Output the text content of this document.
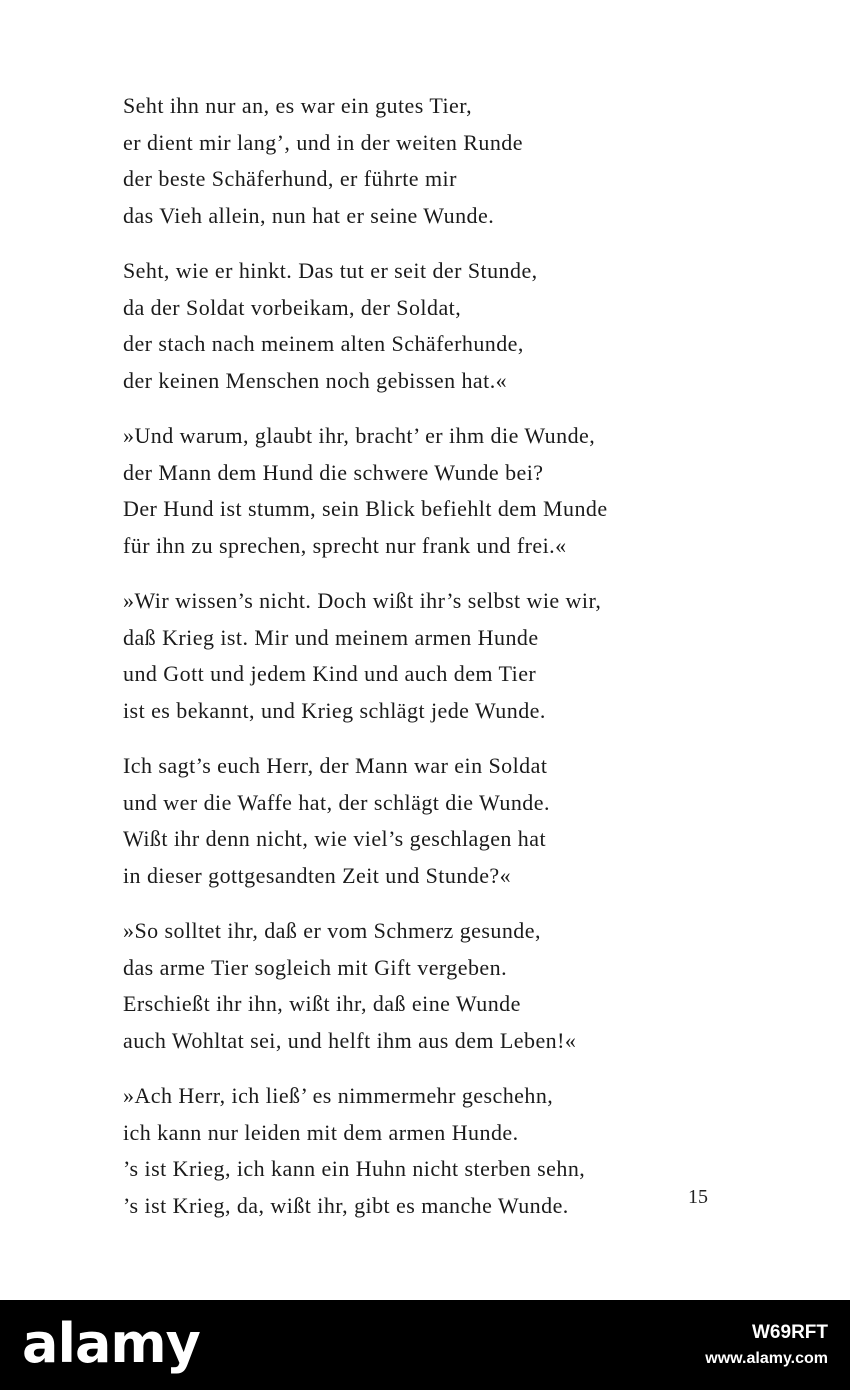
Seht ihn nur an, es war ein gutes Tier,
er dient mir lang’, und in der weiten Runde
der beste Schäferhund, er führte mir
das Vieh allein, nun hat er seine Wunde.
Seht, wie er hinkt. Das tut er seit der Stunde,
da der Soldat vorbeikam, der Soldat,
der stach nach meinem alten Schäferhunde,
der keinen Menschen noch gebissen hat.«
»Und warum, glaubt ihr, bracht’ er ihm die Wunde,
der Mann dem Hund die schwere Wunde bei?
Der Hund ist stumm, sein Blick befiehlt dem Munde
für ihn zu sprechen, sprecht nur frank und frei.«
»Wir wissen’s nicht. Doch wißt ihr’s selbst wie wir,
daß Krieg ist. Mir und meinem armen Hunde
und Gott und jedem Kind und auch dem Tier
ist es bekannt, und Krieg schlägt jede Wunde.
Ich sagt’s euch Herr, der Mann war ein Soldat
und wer die Waffe hat, der schlägt die Wunde.
Wißt ihr denn nicht, wie viel’s geschlagen hat
in dieser gottgesandten Zeit und Stunde?«
»So solltet ihr, daß er vom Schmerz gesunde,
das arme Tier sogleich mit Gift vergeben.
Erschießt ihr ihn, wißt ihr, daß eine Wunde
auch Wohltat sei, und helft ihm aus dem Leben!«
»Ach Herr, ich ließ’ es nimmermehr geschehn,
ich kann nur leiden mit dem armen Hunde.
’s ist Krieg, ich kann ein Huhn nicht sterben sehn,
’s ist Krieg, da, wißt ihr, gibt es manche Wunde.	15
alamy	W69RFT
www.alamy.com
